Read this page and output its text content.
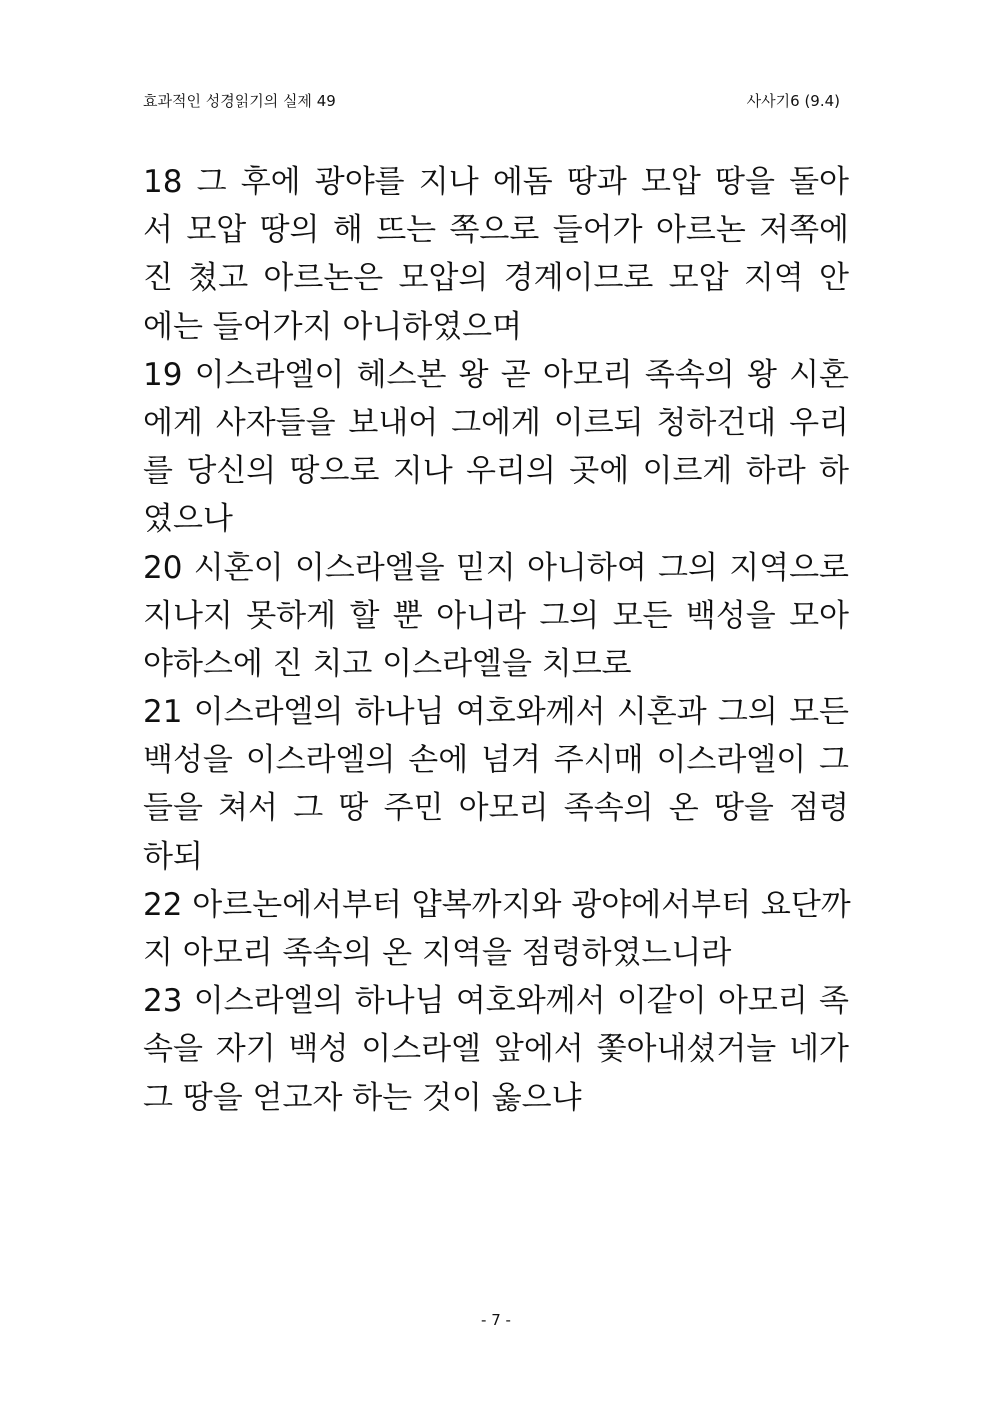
효과적인 성경읽기의 실제 49	사사기6 (9.4)
18 그 후에 광야를 지나 에돔 땅과 모압 땅을 돌아
서 모압 땅의 해 뜨는 쪽으로 들어가 아르논 저쪽에
진 쳤고 아르논은 모압의 경계이므로 모압 지역 안
에는 들어가지 아니하였으며
19 이스라엘이 헤스본 왕 곧 아모리 족속의 왕 시혼
에게 사자들을 보내어 그에게 이르되 청하건대 우리
를 당신의 땅으로 지나 우리의 곳에 이르게 하라 하
였으나
20 시혼이 이스라엘을 믿지 아니하여 그의 지역으로
지나지 못하게 할 뿐 아니라 그의 모든 백성을 모아
야하스에 진 치고 이스라엘을 치므로
21 이스라엘의 하나님 여호와께서 시혼과 그의 모든
백성을 이스라엘의 손에 넘겨 주시매 이스라엘이 그
들을 쳐서 그 땅 주민 아모리 족속의 온 땅을 점령
하되
22 아르논에서부터 얍복까지와 광야에서부터 요단까
지 아모리 족속의 온 지역을 점령하였느니라
23 이스라엘의 하나님 여호와께서 이같이 아모리 족
속을 자기 백성 이스라엘 앞에서 쫓아내셨거늘 네가
그 땅을 얻고자 하는 것이 옳으냐
- 7 -
